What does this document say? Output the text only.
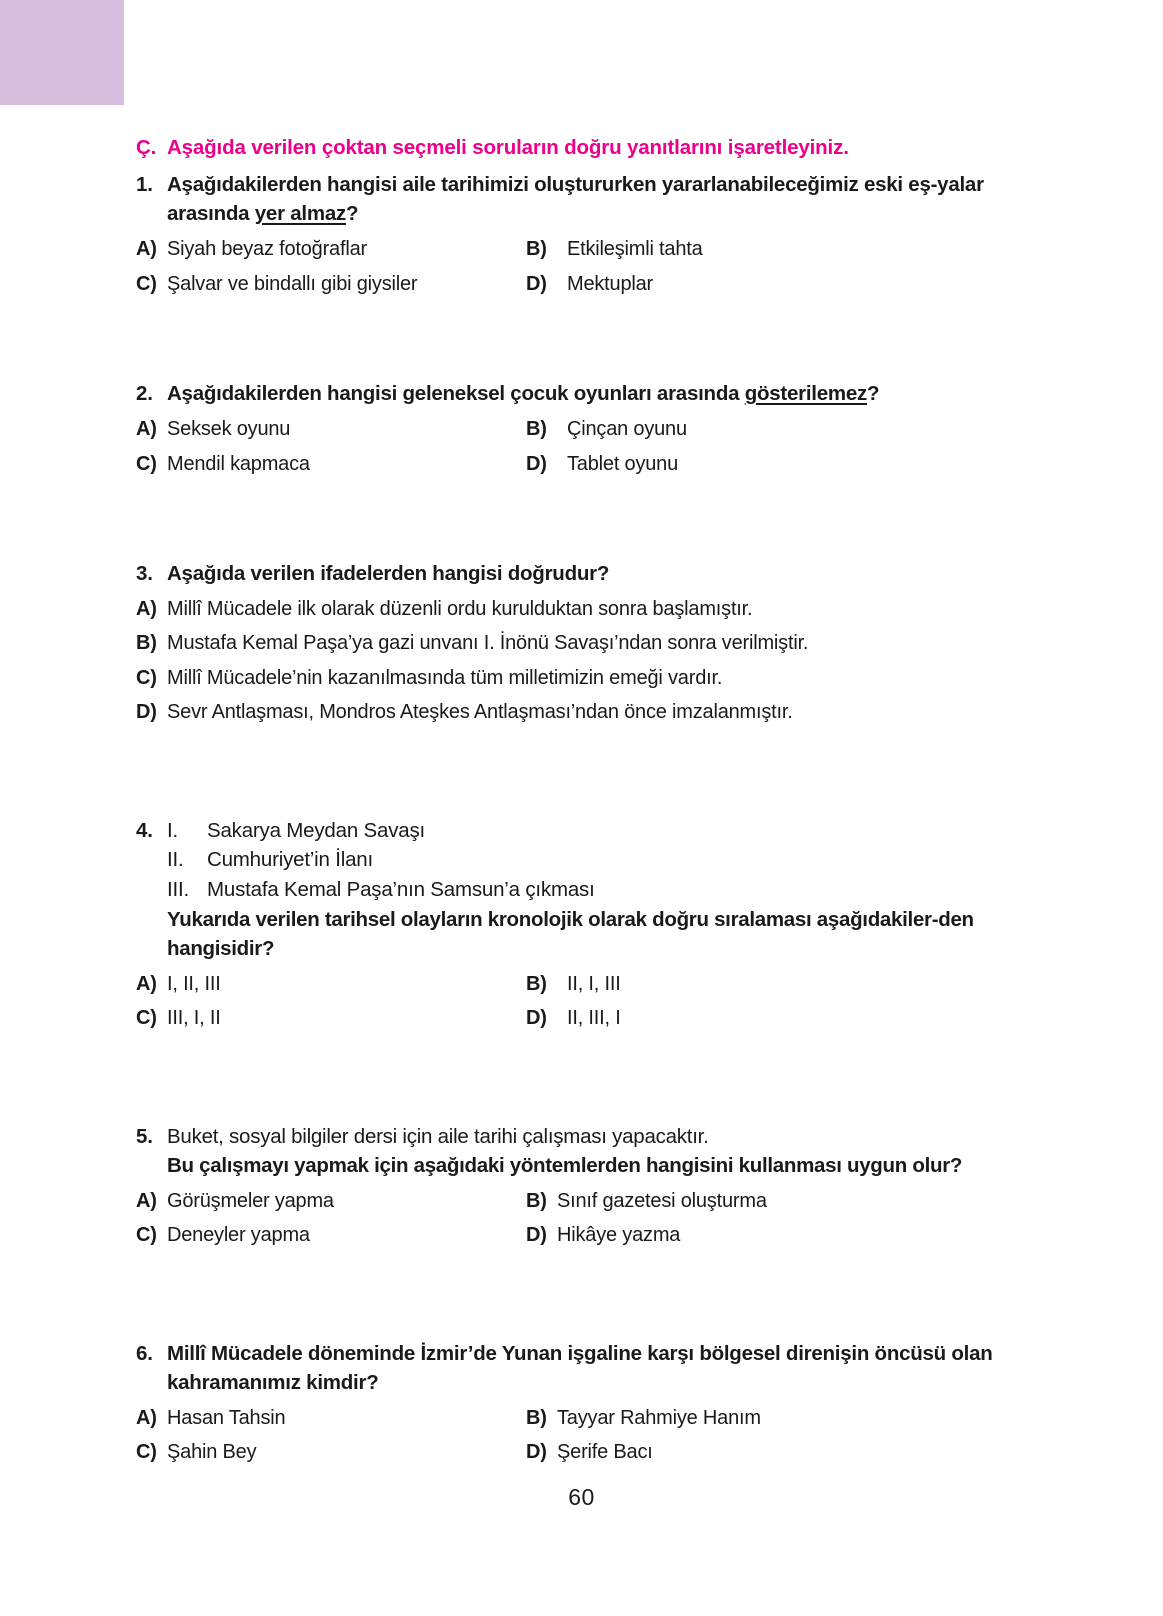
Ç. Aşağıda verilen çoktan seçmeli soruların doğru yanıtlarını işaretleyiniz.
1. Aşağıdakilerden hangisi aile tarihimizi oluştururken yararlanabileceğimiz eski eş-yalar arasında yer almaz?
A) Siyah beyaz fotoğraflar	B)	Etkileşimli tahta
C) Şalvar ve bindallı gibi giysiler	D)	Mektuplar
2. Aşağıdakilerden hangisi geleneksel çocuk oyunları arasında gösterilemez?
A) Seksek oyunu	B)	Çinçan oyunu
C) Mendil kapmaca	D)	Tablet oyunu
3. Aşağıda verilen ifadelerden hangisi doğrudur?
A) Millî Mücadele ilk olarak düzenli ordu kurulduktan sonra başlamıştır.
B) Mustafa Kemal Paşa’ya gazi unvanı I. İnönü Savaşı’ndan sonra verilmiştir.
C) Millî Mücadele’nin kazanılmasında tüm milletimizin emeği vardır.
D) Sevr Antlaşması, Mondros Ateşkes Antlaşması’ndan önce imzalanmıştır.
4. I.	Sakarya Meydan Savaşı
II.	Cumhuriyet’in İlanı
III. Mustafa Kemal Paşa’nın Samsun’a çıkması
Yukarıda verilen tarihsel olayların kronolojik olarak doğru sıralaması aşağıdakiler-den hangisidir?
A) I, II, III	B)	II, I, III
C) III, I, II	D)	II, III, I
5. Buket, sosyal bilgiler dersi için aile tarihi çalışması yapacaktır.
Bu çalışmayı yapmak için aşağıdaki yöntemlerden hangisini kullanması uygun olur?
A) Görüşmeler yapma	B) Sınıf gazetesi oluşturma
C) Deneyler yapma	D) Hikâye yazma
6. Millî Mücadele döneminde İzmir’de Yunan işgaline karşı bölgesel direnişin öncüsü olan kahramanımız kimdir?
A) Hasan Tahsin	B) Tayyar Rahmiye Hanım
C) Şahin Bey	D) Şerife Bacı
60
